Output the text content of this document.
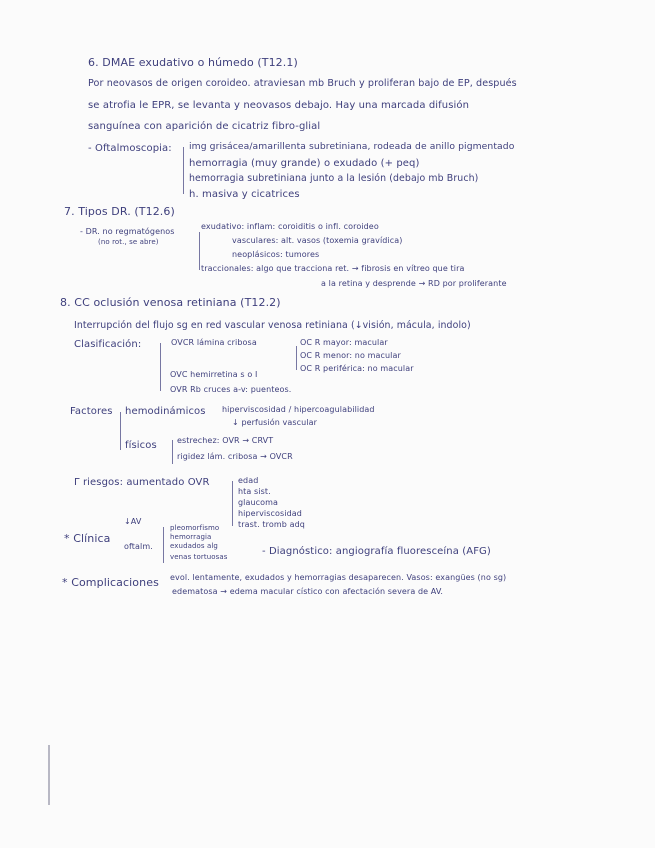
6. DMAE exudativo o húmedo (T12.1)
Por neovasos de origen coroideo. atraviesan mb Bruch y proliferan bajo de EP, después
se atrofia le EPR, se levanta y neovasos debajo. Hay una marcada difusión
sanguínea con aparición de cicatriz fibro-glial
- Oftalmoscopia: img grisácea/amarillenta subretiniana, rodeada de anillo pigmentado
hemorragia (muy grande) o exudado (+ peq)
hemorragia subretiniana junto a la lesión (debajo mb Bruch)
h. masiva y cicatrices
7. Tipos DR. (T12.6)
- DR. no regmatógenos
(no rot., se abre)
exudativo: inflam: coroiditis o infl. coroideo
vasculares: alt. vasos (toxemia gravídica)
neoplásicos: tumores
traccionales: algo que tracciona ret. → fibrosis en vítreo que tira
a la retina y desprende → RD por proliferante
8. CC oclusión venosa retiniana (T12.2)
Interrupción del flujo sg en red vascular venosa retiniana (↓visión, mácula, indolo)
Clasificación:	OVCR lámina cribosa	OC R mayor: macular
OC R menor: no macular
OC R periférica: no macular
OVC hemirretina s o I
OVR Rb cruces a-v: puenteos.
Factores hemodinámicos hiperviscosidad / hipercoagulabilidad
↓ perfusión vascular
físicos	estrechez: OVR → CRVT
rigidez lám. cribosa → OVCR
Γ riesgos: aumentado OVR	edad
hta sist.
glaucoma
hiperviscosidad
trast. tromb adq
↓AV
* Clínica
oftalm.
pleomorfismo
hemorragia
exudados alg
venas tortuosas	- Diagnóstico: angiografía fluoresceína (AFG)
* Complicaciones evol. lentamente, exudados y hemorragias desaparecen. Vasos: exangües (no sg)
edematosa → edema macular cístico con afectación severa de AV.
